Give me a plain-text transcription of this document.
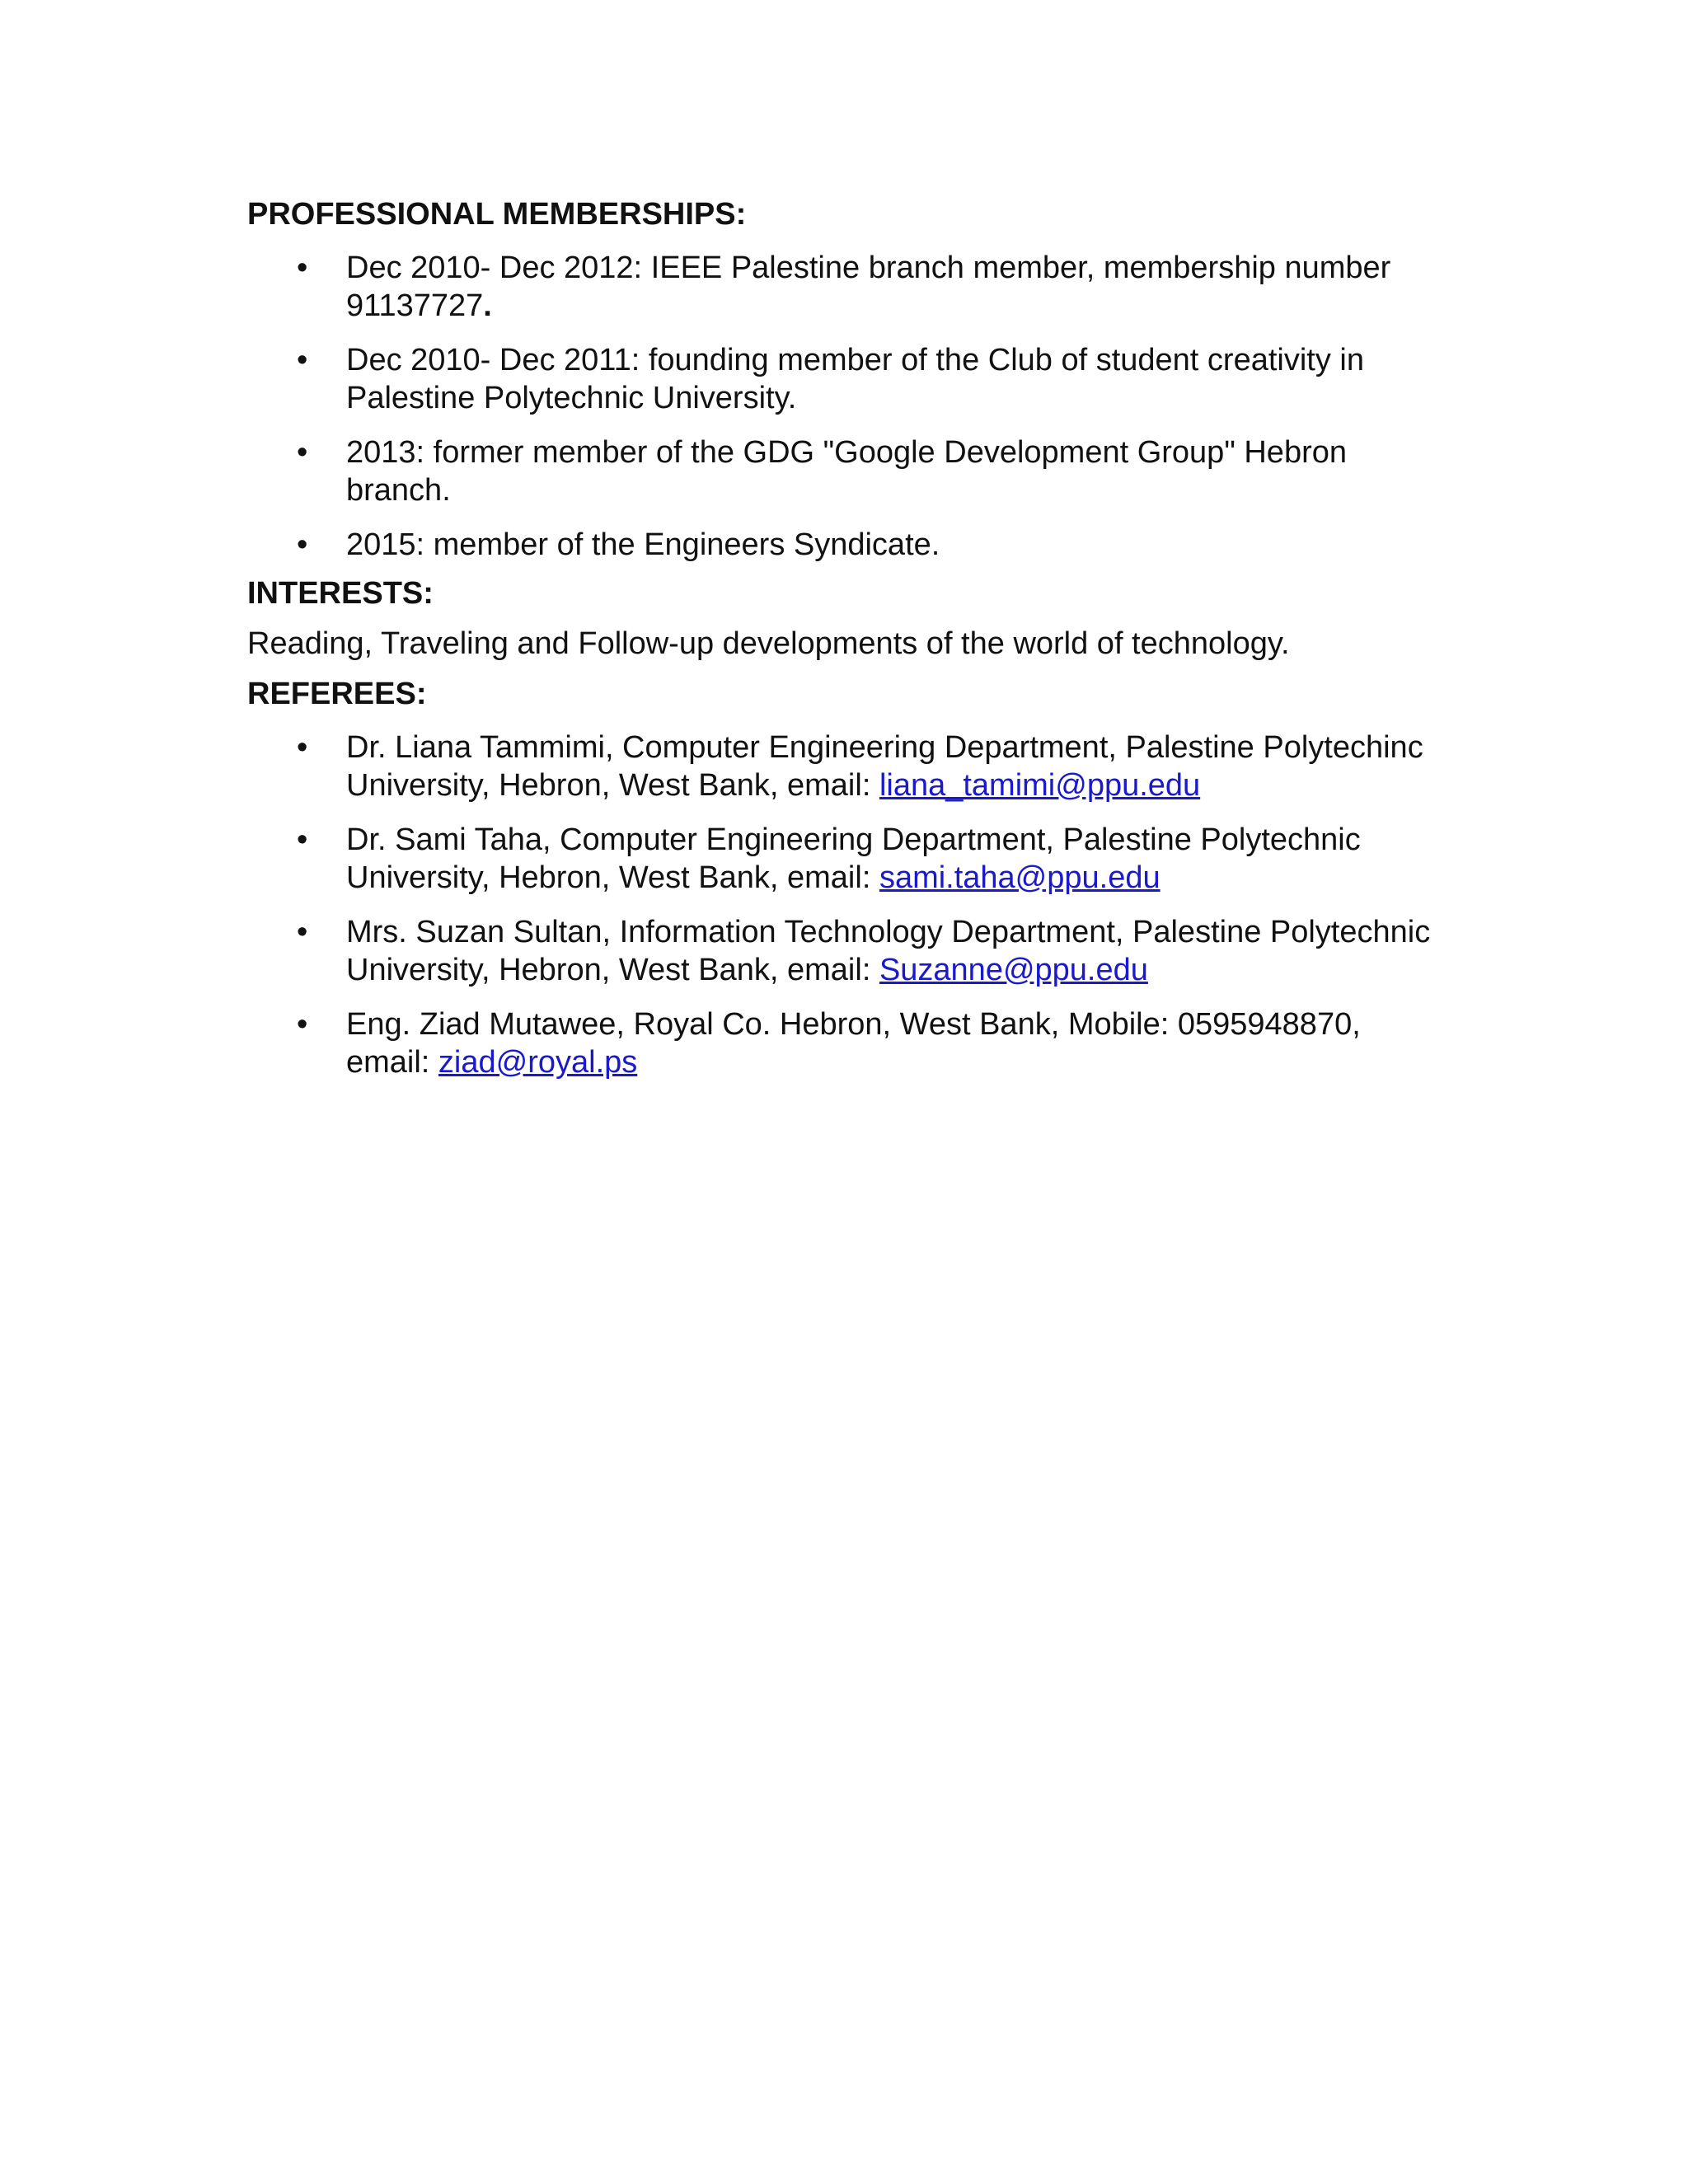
PROFESSIONAL MEMBERSHIPS:
• Dec 2010- Dec 2012: IEEE Palestine branch member, membership number 91137727.
• Dec 2010- Dec 2011: founding member of the Club of student creativity in Palestine Polytechnic University.
• 2013: former member of the GDG "Google Development Group" Hebron branch.
• 2015: member of the Engineers Syndicate.
INTERESTS:

Reading, Traveling and Follow-up developments of the world of technology.

REFEREES:
• Dr. Liana Tammimi, Computer Engineering Department, Palestine Polytechinc University, Hebron, West Bank, email: liana_tamimi@ppu.edu
• Dr. Sami Taha, Computer Engineering Department, Palestine Polytechnic University, Hebron, West Bank, email: sami.taha@ppu.edu
• Mrs. Suzan Sultan, Information Technology Department, Palestine Polytechnic University, Hebron, West Bank, email: Suzanne@ppu.edu
• Eng. Ziad Mutawee, Royal Co. Hebron, West Bank, Mobile: 0595948870, email: ziad@royal.ps
